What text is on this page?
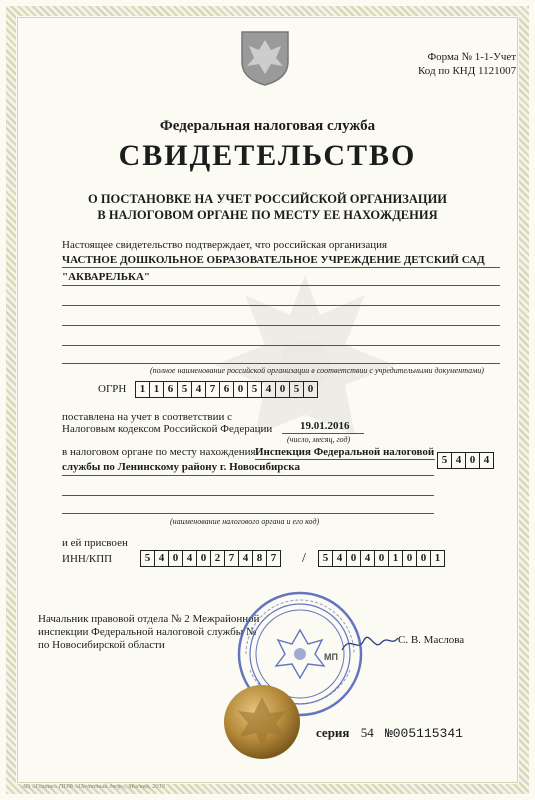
Форма № 1-1-Учет
Код по КНД 1121007
Федеральная налоговая служба
СВИДЕТЕЛЬСТВО
О ПОСТАНОВКЕ НА УЧЕТ РОССИЙСКОЙ ОРГАНИЗАЦИИ
В НАЛОГОВОМ ОРГАНЕ ПО МЕСТУ ЕЕ НАХОЖДЕНИЯ
Настоящее свидетельство подтверждает, что российская организация
ЧАСТНОЕ ДОШКОЛЬНОЕ ОБРАЗОВАТЕЛЬНОЕ УЧРЕЖДЕНИЕ ДЕТСКИЙ САД
"АКВАРЕЛЬКА"
(полное наименование российской организации в соответствии с учредительными документами)
ОГРН	1 1 6 5 4 7 6 0 5 4 0 5 0
поставлена на учет в соответствии с
Налоговым кодексом Российской Федерации	19.01.2016
(число, месяц, год)
в налоговом органе по месту нахождения Инспекция Федеральной налоговой
службы по Ленинскому району г. Новосибирска
5 4 0 4
(наименование налогового органа и его код)
и ей присвоен
ИНН/КПП	5 4 0 4 0 2 7 4 8 7	/	5 4 0 4 0 1 0 0 1
Начальник правовой отдела № 2 Межрайонной
инспекции Федеральной налоговой службы №
по Новосибирской области	С. В. Маслова
МП
серия 54 №005115341
АО «Гознак» ППФ «Печатный двор», Москва, 2015
